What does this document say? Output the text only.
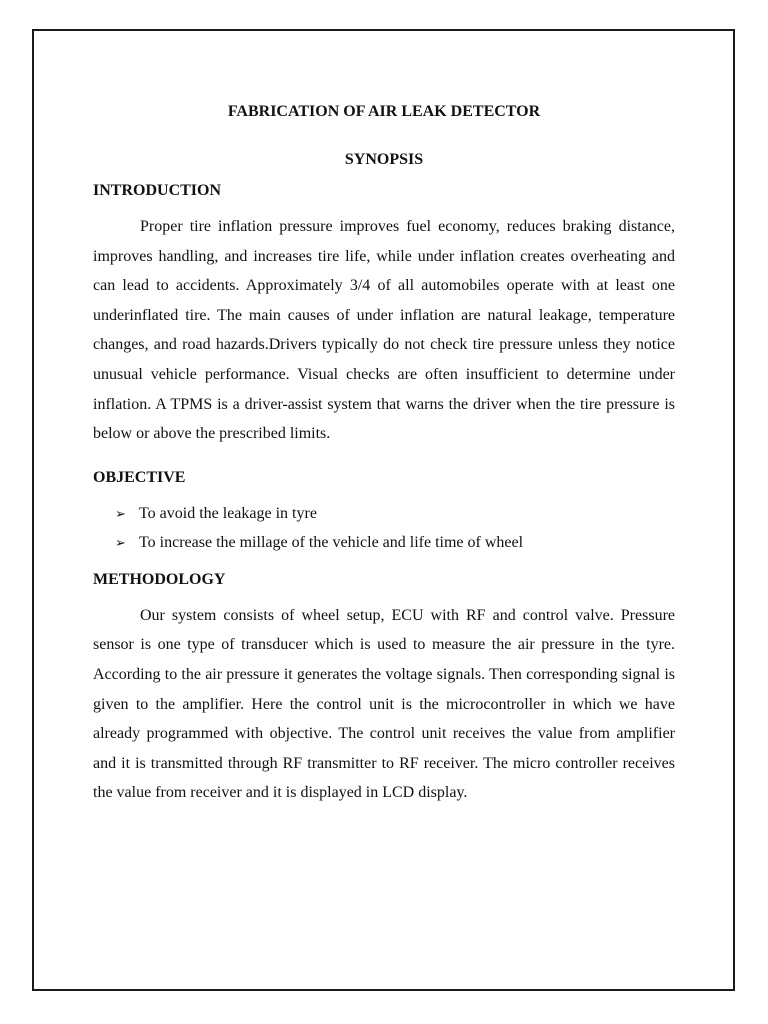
FABRICATION OF AIR LEAK DETECTOR
SYNOPSIS
INTRODUCTION

Proper tire inflation pressure improves fuel economy, reduces braking distance, improves handling, and increases tire life, while under inflation creates overheating and can lead to accidents. Approximately 3/4 of all automobiles operate with at least one underinflated tire. The main causes of under inflation are natural leakage, temperature changes, and road hazards.Drivers typically do not check tire pressure unless they notice unusual vehicle performance. Visual checks are often insufficient to determine under inflation. A TPMS is a driver-assist system that warns the driver when the tire pressure is below or above the prescribed limits.

OBJECTIVE
➢ To avoid the leakage in tyre
➢ To increase the millage of the vehicle and life time of wheel
METHODOLOGY

Our system consists of wheel setup, ECU with RF and control valve. Pressure sensor is one type of transducer which is used to measure the air pressure in the tyre. According to the air pressure it generates the voltage signals. Then corresponding signal is given to the amplifier. Here the control unit is the microcontroller in which we have already programmed with objective. The control unit receives the value from amplifier and it is transmitted through RF transmitter to RF receiver. The micro controller receives the value from receiver and it is displayed in LCD display.
